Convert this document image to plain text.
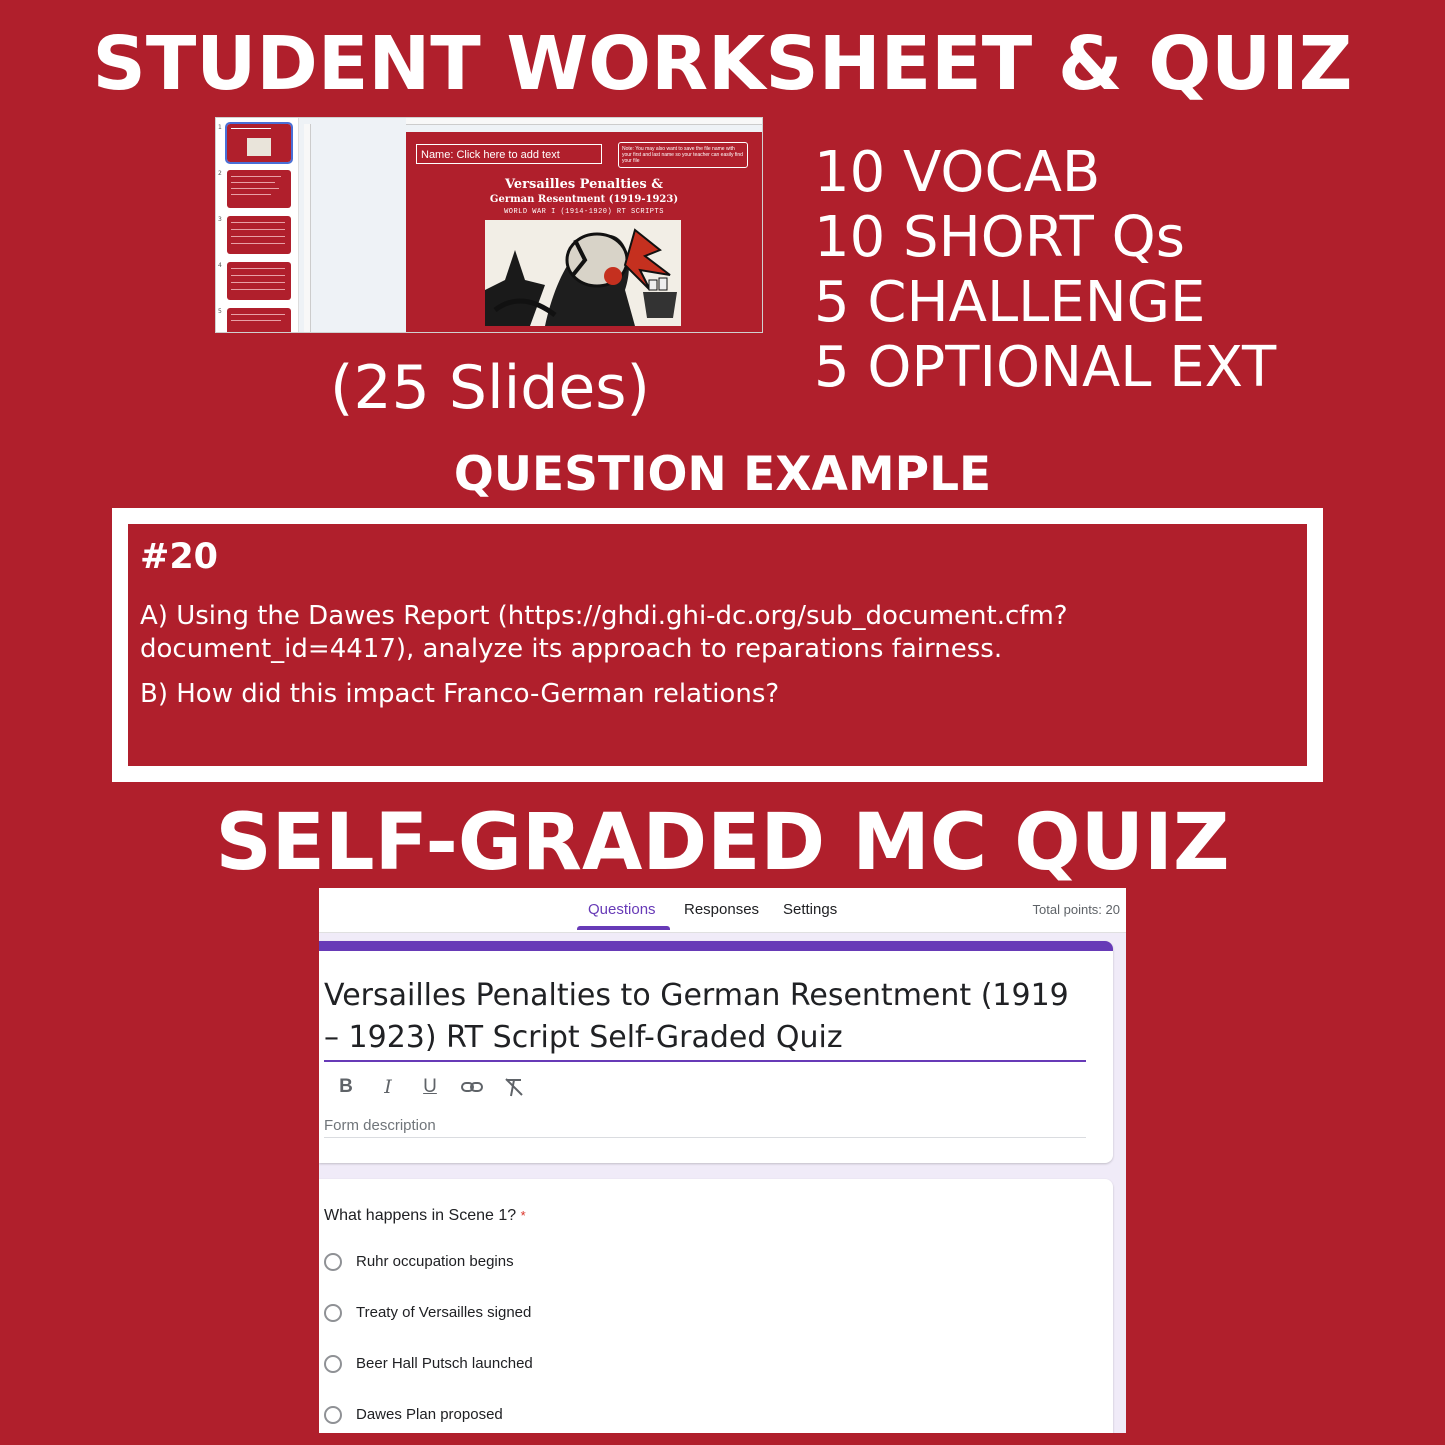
STUDENT WORKSHEET & QUIZ
1
2
3
4
5
Name: Click here to add text	Note: You may also want to save the file name with your first and last name so your teacher can easily find your file
Versailles Penalties &
German Resentment (1919-1923)
WORLD WAR I (1914-1920) RT SCRIPTS
(25 Slides)
10 VOCAB
10 SHORT Qs
5 CHALLENGE
5 OPTIONAL EXT
QUESTION EXAMPLE
#20
A) Using the Dawes Report (https://ghdi.ghi-dc.org/sub_document.cfm?document_id=4417), analyze its approach to reparations fairness.
B) How did this impact Franco-German relations?
SELF-GRADED MC QUIZ
Questions Responses Settings	Total points: 20
Versailles Penalties to German Resentment (1919 – 1923) RT Script Self-Graded Quiz
B	I	U
Form description
What happens in Scene 1? *
Ruhr occupation begins
Treaty of Versailles signed
Beer Hall Putsch launched
Dawes Plan proposed
